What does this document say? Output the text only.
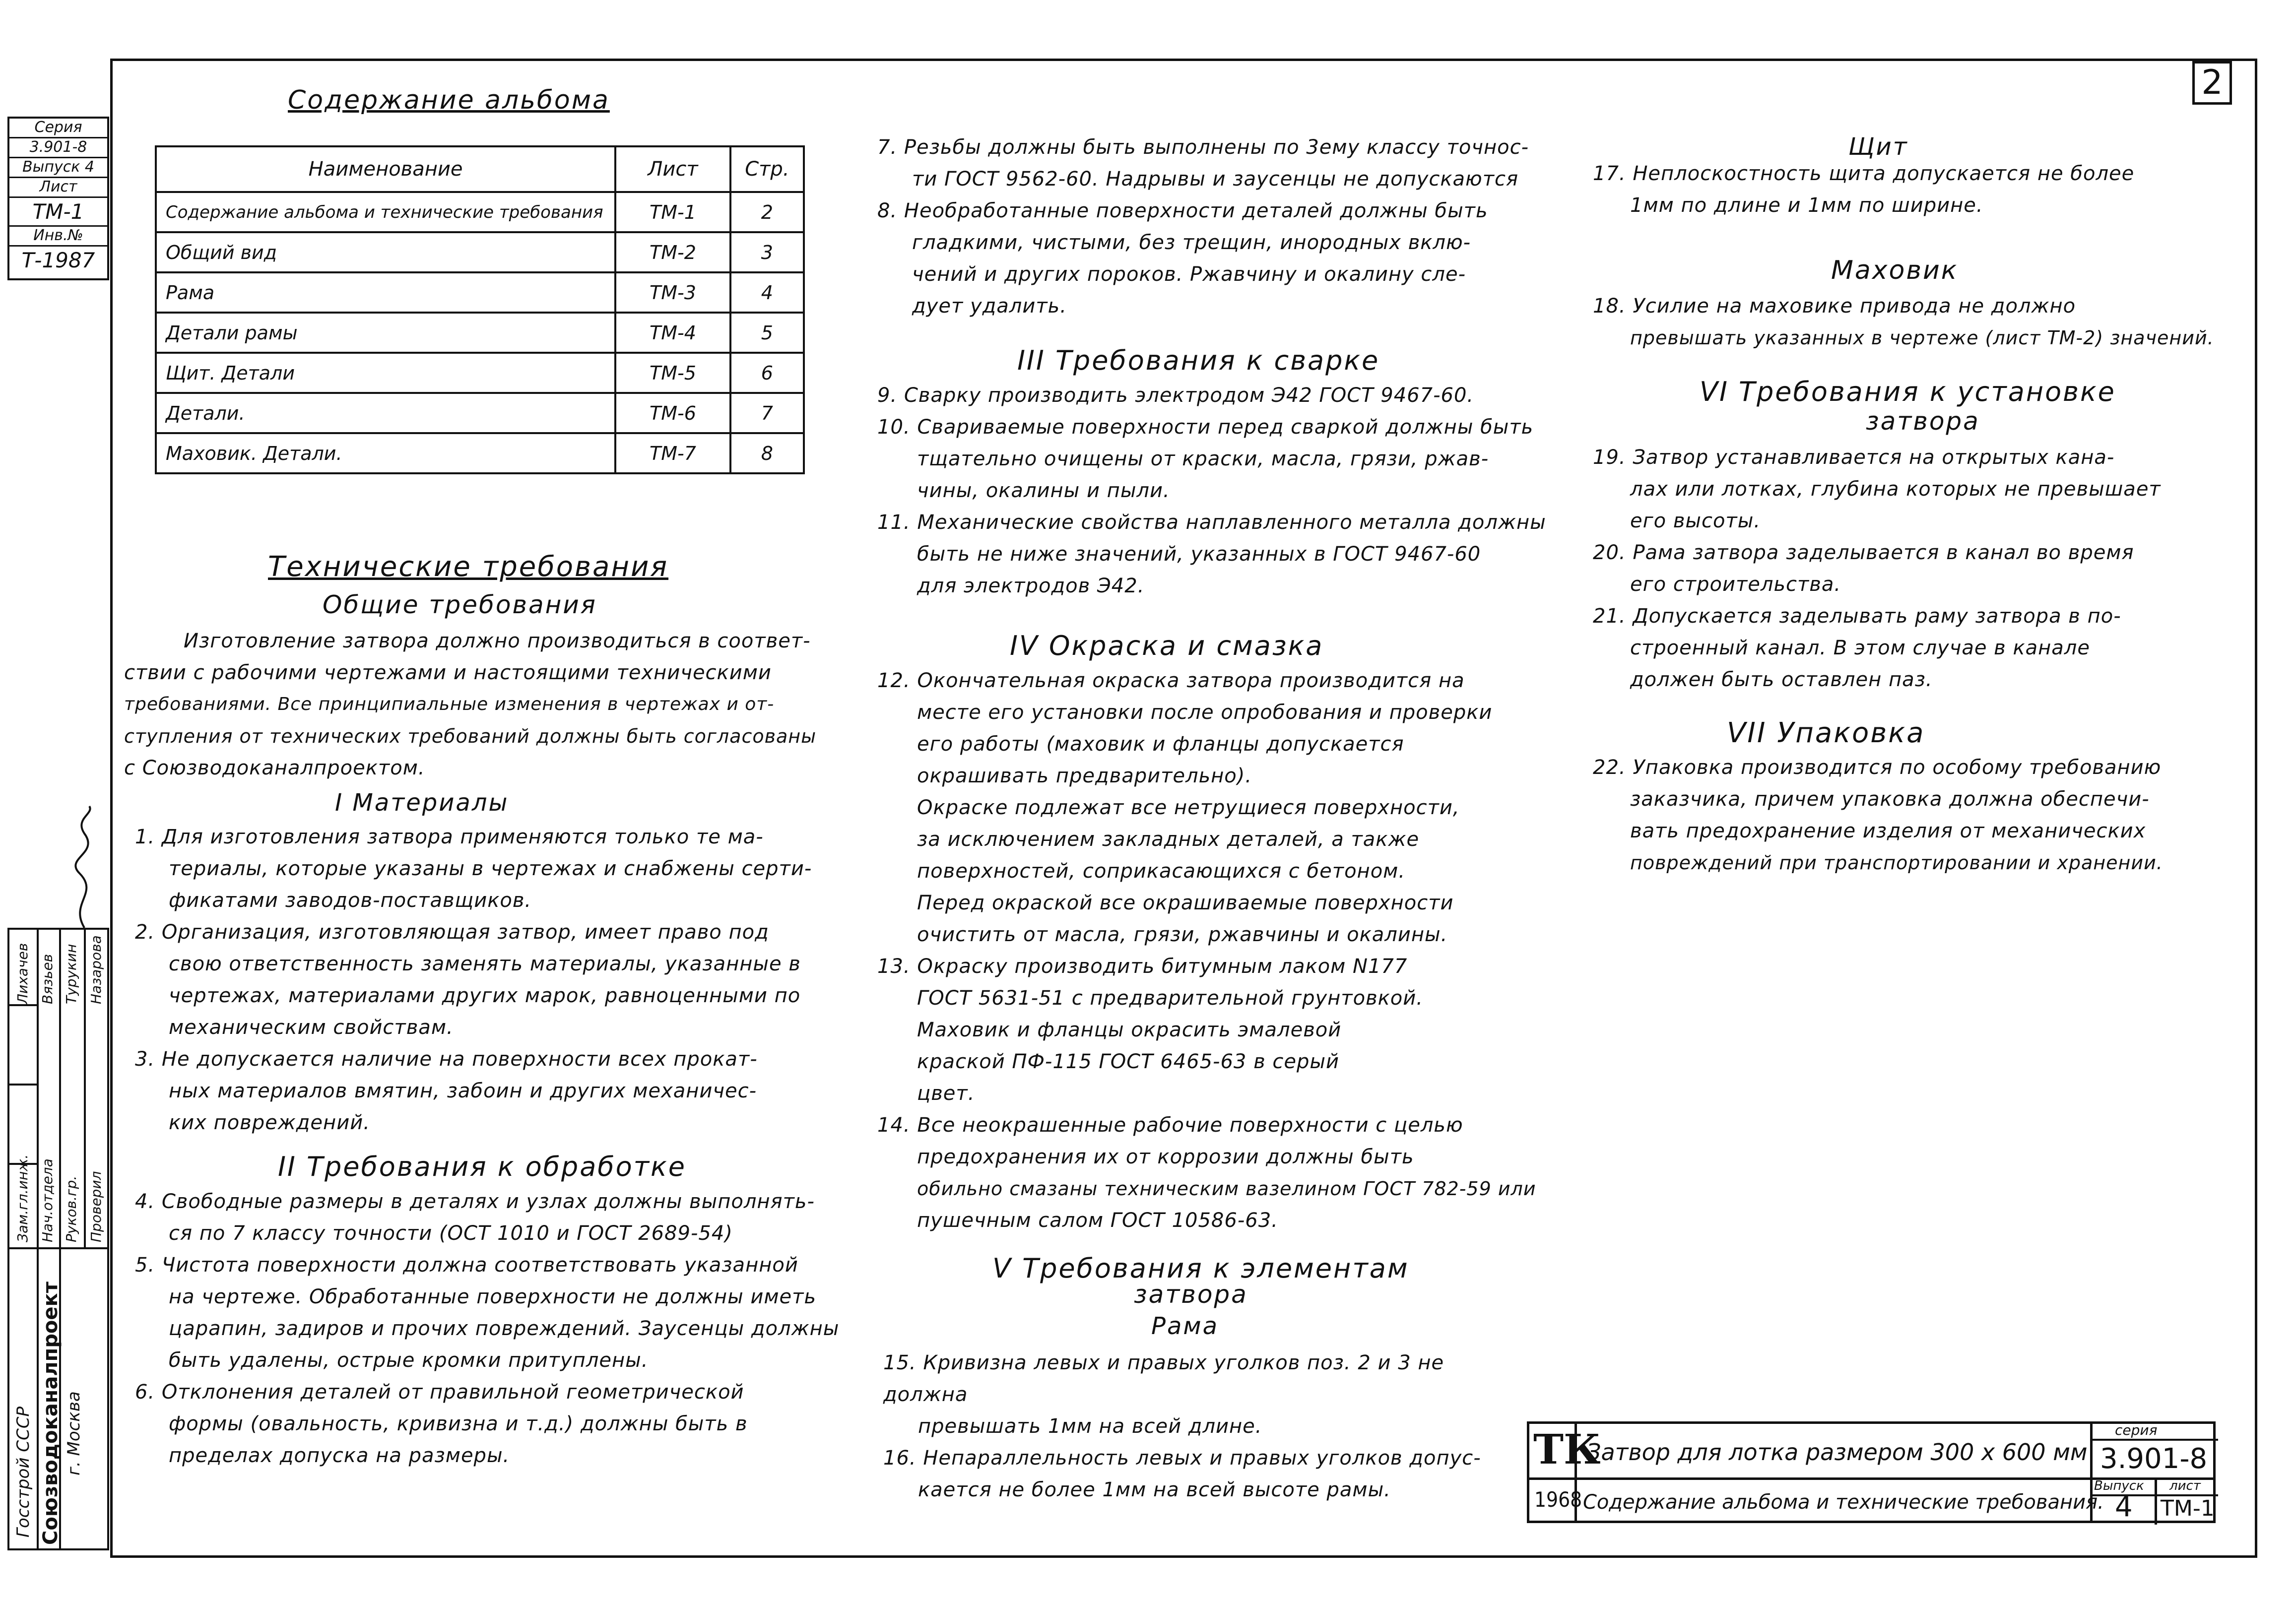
2
Серия
3.901-8
Выпуск 4
Лист
ТМ-1
Инв.№
Т-1987
Госстрой СССР Союзводоканалпроект г. Москва
Зам.гл.инж. Нач.отдела Руков.гр. Проверил
Лихачев Вязьев Турукин Назарова
Содержание альбома
Наименование	Лист	Стр.
Содержание альбома и технические требования	ТМ-1	2
Общий вид	ТМ-2	3
Рама	ТМ-3	4
Детали рамы	ТМ-4	5
Щит. Детали	ТМ-5	6
Детали.	ТМ-6	7
Маховик. Детали.	ТМ-7	8
Технические требования
Общие требования

Изготовление затвора должно производиться в соответ-

ствии с рабочими чертежами и настоящими техническими

требованиями. Все принципиальные изменения в чертежах и от-

ступления от технических требований должны быть согласованы

с Союзводоканалпроектом.

I Материалы

1. Для изготовления затвора применяются только те ма-

териалы, которые указаны в чертежах и снабжены серти-

фикатами заводов-поставщиков.

2. Организация, изготовляющая затвор, имеет право под

свою ответственность заменять материалы, указанные в

чертежах, материалами других марок, равноценными по

механическим свойствам.

3. Не допускается наличие на поверхности всех прокат-

ных материалов вмятин, забоин и других механичес-

ких повреждений.

II Требования к обработке

4. Свободные размеры в деталях и узлах должны выполнять-

ся по 7 классу точности (ОСТ 1010 и ГОСТ 2689-54)

5. Чистота поверхности должна соответствовать указанной

на чертеже. Обработанные поверхности не должны иметь

царапин, задиров и прочих повреждений. Заусенцы должны

быть удалены, острые кромки притуплены.

6. Отклонения деталей от правильной геометрической

формы (овальность, кривизна и т.д.) должны быть в

пределах допуска на размеры.

7. Резьбы должны быть выполнены по 3ему классу точнос-

ти ГОСТ 9562-60. Надрывы и заусенцы не допускаются

8. Необработанные поверхности деталей должны быть

гладкими, чистыми, без трещин, инородных вклю-

чений и других пороков. Ржавчину и окалину сле-

дует удалить.

III Требования к сварке

9. Сварку производить электродом Э42 ГОСТ 9467-60.

10. Свариваемые поверхности перед сваркой должны быть

тщательно очищены от краски, масла, грязи, ржав-

чины, окалины и пыли.

11. Механические свойства наплавленного металла должны

быть не ниже значений, указанных в ГОСТ 9467-60

для электродов Э42.

IV Окраска и смазка

12. Окончательная окраска затвора производится на

месте его установки после опробования и проверки

его работы (маховик и фланцы допускается

окрашивать предварительно).

Окраске подлежат все нетрущиеся поверхности,

за исключением закладных деталей, а также

поверхностей, соприкасающихся с бетоном.

Перед окраской все окрашиваемые поверхности

очистить от масла, грязи, ржавчины и окалины.

13. Окраску производить битумным лаком N177

ГОСТ 5631-51 с предварительной грунтовкой.

Маховик и фланцы окрасить эмалевой

краской ПФ-115 ГОСТ 6465-63 в серый

цвет.

14. Все неокрашенные рабочие поверхности с целью

предохранения их от коррозии должны быть

обильно смазаны техническим вазелином ГОСТ 782-59 или

пушечным салом ГОСТ 10586-63.

V Требования к элементам
затвора
Рама

15. Кривизна левых и правых уголков поз. 2 и 3 не должна

превышать 1мм на всей длине.

16. Непараллельность левых и правых уголков допус-

кается не более 1мм на всей высоте рамы.

Щит

17. Неплоскостность щита допускается не более

1мм по длине и 1мм по ширине.

Маховик

18. Усилие на маховике привода не должно

превышать указанных в чертеже (лист ТМ-2) значений.

VI Требования к установке
затвора

19. Затвор устанавливается на открытых кана-

лах или лотках, глубина которых не превышает

его высоты.

20. Рама затвора заделывается в канал во время

его строительства.

21. Допускается заделывать раму затвора в по-

строенный канал. В этом случае в канале

должен быть оставлен паз.

VII Упаковка

22. Упаковка производится по особому требованию

заказчика, причем упаковка должна обеспечи-

вать предохранение изделия от механических

повреждений при транспортировании и хранении.

ТК
1968
Затвор для лотка размером 300 x 600 мм
Содержание альбома и технические требования.
серия
3.901-8
Выпуск
4
лист
ТМ-1
